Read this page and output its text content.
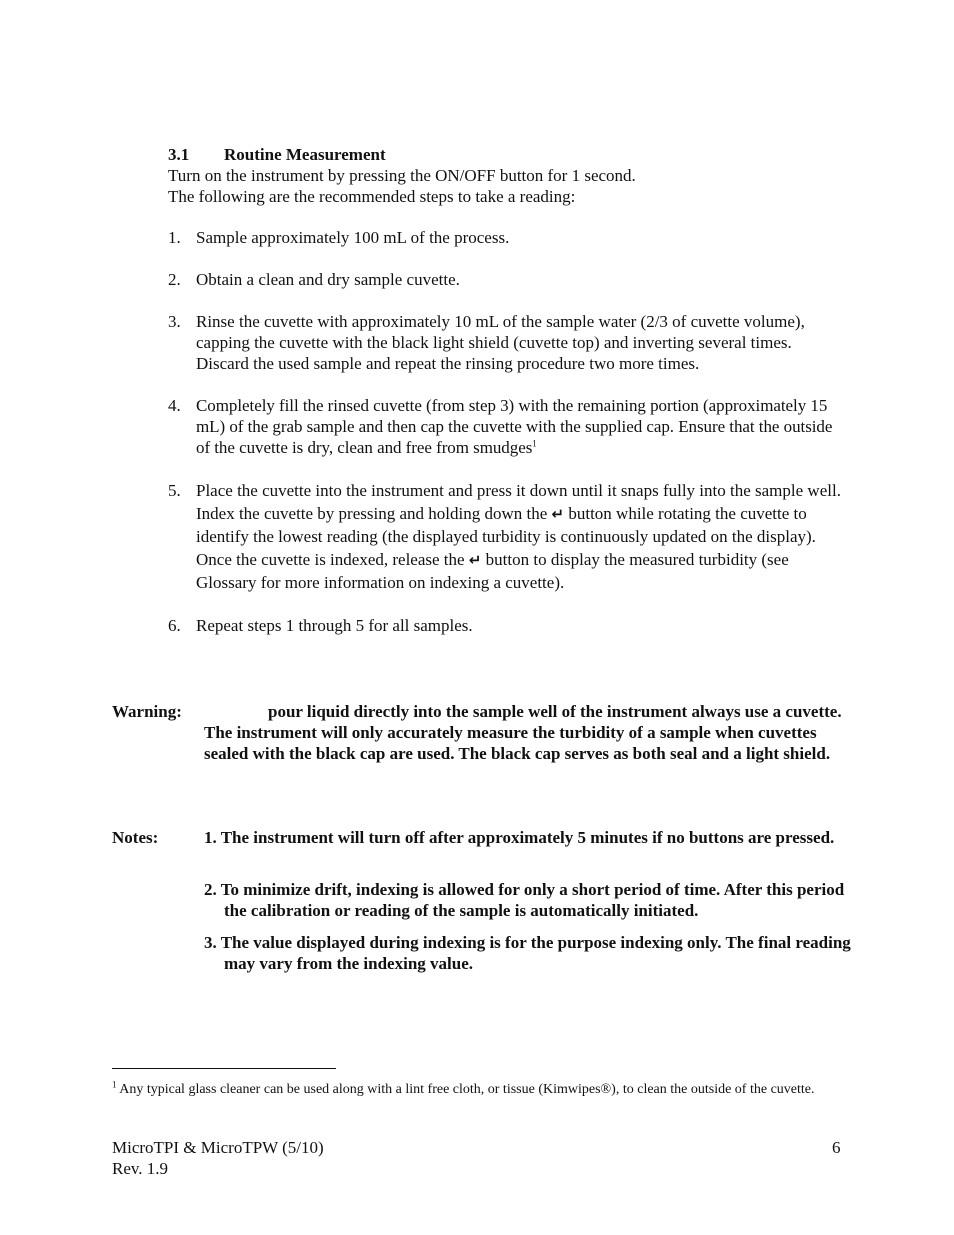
3.1 Routine Measurement
Turn on the instrument by pressing the ON/OFF button for 1 second.
The following are the recommended steps to take a reading:
1. Sample approximately 100 mL of the process.
2. Obtain a clean and dry sample cuvette.
3. Rinse the cuvette with approximately 10 mL of the sample water (2/3 of cuvette volume), capping the cuvette with the black light shield (cuvette top) and inverting several times. Discard the used sample and repeat the rinsing procedure two more times.
4. Completely fill the rinsed cuvette (from step 3) with the remaining portion (approximately 15 mL) of the grab sample and then cap the cuvette with the supplied cap. Ensure that the outside of the cuvette is dry, clean and free from smudges$^1$
5. Place the cuvette into the instrument and press it down until it snaps fully into the sample well. Index the cuvette by pressing and holding down the ↵ button while rotating the cuvette to identify the lowest reading (the displayed turbidity is continuously updated on the display). Once the cuvette is indexed, release the ↵ button to display the measured turbidity (see Glossary for more information on indexing a cuvette).
6. Repeat steps 1 through 5 for all samples.
Warning:	pour liquid directly into the sample well of the instrument always use a cuvette. The instrument will only accurately measure the turbidity of a sample when cuvettes sealed with the black cap are used. The black cap serves as both seal and a light shield.
Notes:	1. The instrument will turn off after approximately 5 minutes if no buttons are pressed.
2. To minimize drift, indexing is allowed for only a short period of time. After this period the calibration or reading of the sample is automatically initiated.
3. The value displayed during indexing is for the purpose indexing only. The final reading may vary from the indexing value.
$^1$ Any typical glass cleaner can be used along with a lint free cloth, or tissue (Kimwipes®), to clean the outside of the cuvette.
MicroTPI & MicroTPW (5/10)
Rev. 1.9
6
